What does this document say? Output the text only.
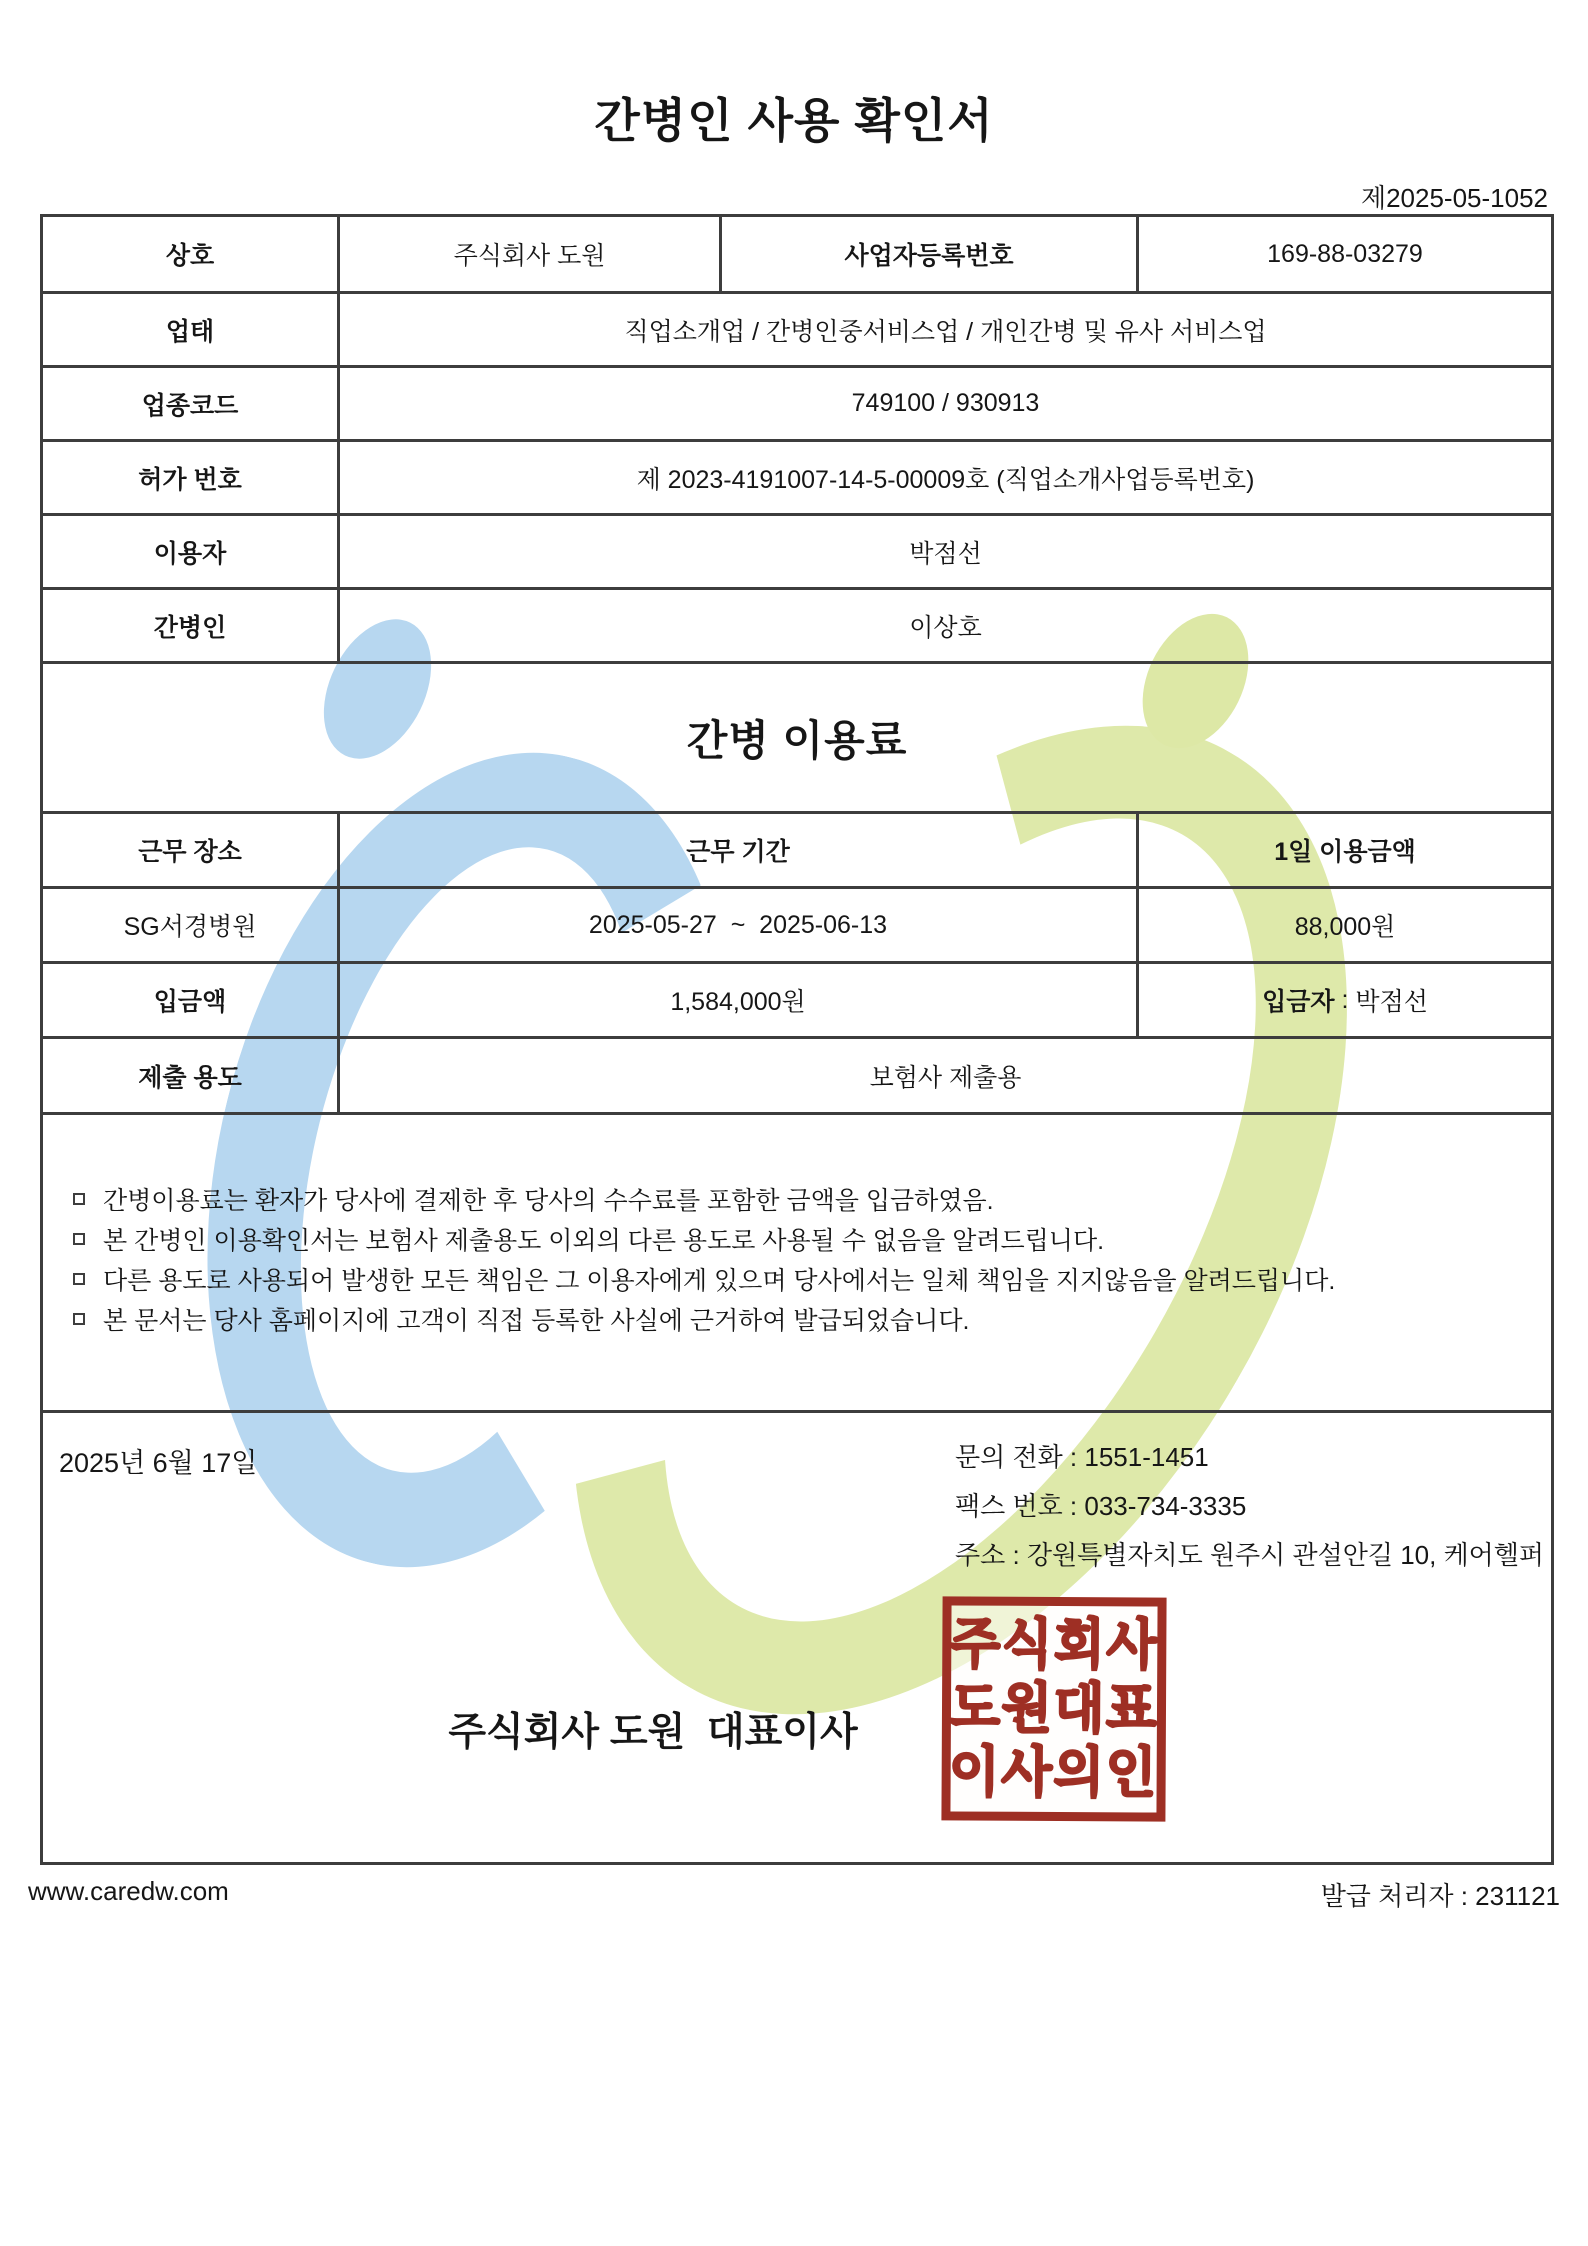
간병인 사용 확인서
제2025-05-1052
상호	주식회사 도원	사업자등록번호	169-88-03279
업태	직업소개업 / 간병인중서비스업 / 개인간병 및 유사 서비스업
업종코드	749100 / 930913
허가 번호	제 2023-4191007-14-5-00009호 (직업소개사업등록번호)
이용자	박점선
간병인	이상호
간병 이용료
근무 장소	근무 기간	1일 이용금액
SG서경병원	2025-05-27  ~  2025-06-13	88,000원
입금액	1,584,000원	입금자 : 박점선
제출 용도	보험사 제출용
간병이용료는 환자가 당사에 결제한 후 당사의 수수료를 포함한 금액을 입금하였음.
본 간병인 이용확인서는 보험사 제출용도 이외의 다른 용도로 사용될 수 없음을 알려드립니다.
다른 용도로 사용되어 발생한 모든 책임은 그 이용자에게 있으며 당사에서는 일체 책임을 지지않음을 알려드립니다.
본 문서는 당사 홈페이지에 고객이 직접 등록한 사실에 근거하여 발급되었습니다.
2025년 6월 17일	문의 전화 : 1551-1451
팩스 번호 : 033-734-3335
주소 : 강원특별자치도 원주시 관설안길 10, 케어헬퍼
주식회사 도원  대표이사
주식회사
도원대표
이사의인
www.caredw.com	발급 처리자 : 231121
